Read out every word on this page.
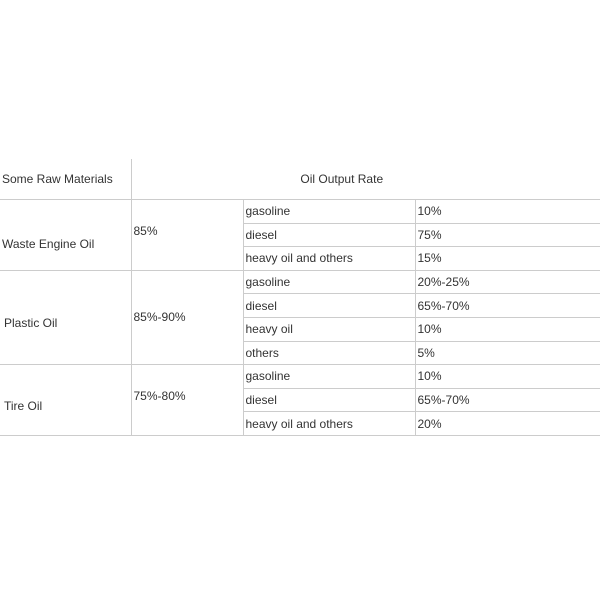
Some Raw Materials	Oil Output Rate		
Waste Engine Oil	85%	gasoline	10%
		diesel	75%
		heavy oil and others	15%
Plastic Oil	85%-90%	gasoline	20%-25%
		diesel	65%-70%
		heavy oil	10%
		others	5%
Tire Oil	75%-80%	gasoline	10%
		diesel	65%-70%
		heavy oil and others	20%
